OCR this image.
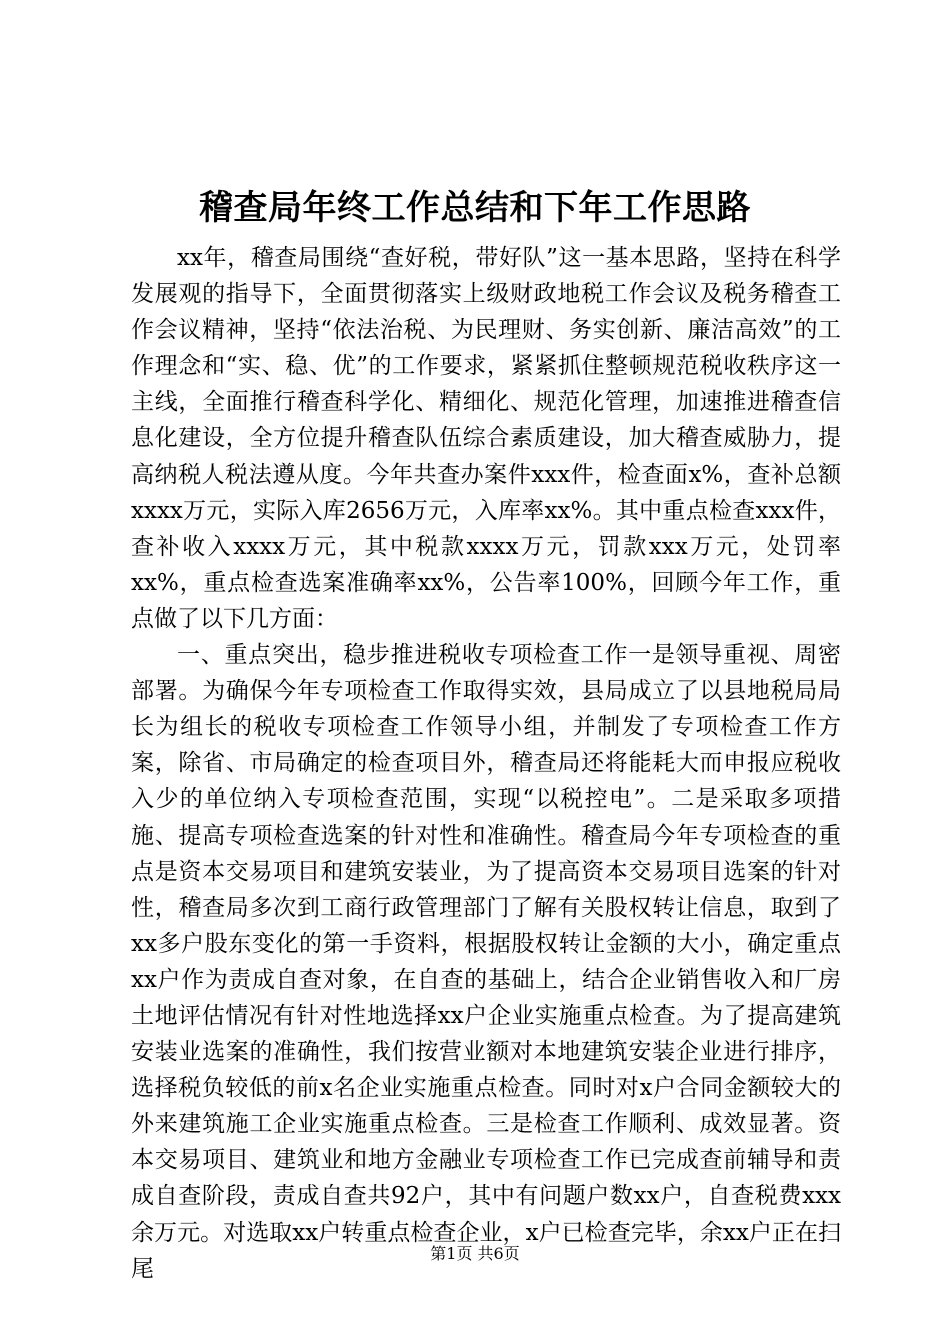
稽查局年终工作总结和下年工作思路

xx年，稽查局围绕“查好税，带好队”这一基本思路，坚持在科学发展观的指导下，全面贯彻落实上级财政地税工作会议及税务稽查工作会议精神，坚持“依法治税、为民理财、务实创新、廉洁高效”的工作理念和“实、稳、优”的工作要求，紧紧抓住整顿规范税收秩序这一主线，全面推行稽查科学化、精细化、规范化管理，加速推进稽查信息化建设，全方位提升稽查队伍综合素质建设，加大稽查威胁力，提高纳税人税法遵从度。今年共查办案件xxx件，检查面x%，查补总额xxxx万元，实际入库2656万元，入库率xx%。其中重点检查xxx件，查补收入xxxx万元，其中税款xxxx万元，罚款xxx万元，处罚率xx%，重点检查选案准确率xx%，公告率100%，回顾今年工作，重点做了以下几方面：

一、重点突出，稳步推进税收专项检查工作一是领导重视、周密部署。为确保今年专项检查工作取得实效，县局成立了以县地税局局长为组长的税收专项检查工作领导小组，并制发了专项检查工作方案，除省、市局确定的检查项目外，稽查局还将能耗大而申报应税收入少的单位纳入专项检查范围，实现“以税控电”。二是采取多项措施、提高专项检查选案的针对性和准确性。稽查局今年专项检查的重点是资本交易项目和建筑安装业，为了提高资本交易项目选案的针对性，稽查局多次到工商行政管理部门了解有关股权转让信息，取到了xx多户股东变化的第一手资料，根据股权转让金额的大小，确定重点xx户作为责成自查对象，在自查的基础上，结合企业销售收入和厂房土地评估情况有针对性地选择xx户企业实施重点检查。为了提高建筑安装业选案的准确性，我们按营业额对本地建筑安装企业进行排序，选择税负较低的前x名企业实施重点检查。同时对x户合同金额较大的外来建筑施工企业实施重点检查。三是检查工作顺利、成效显著。资本交易项目、建筑业和地方金融业专项检查工作已完成查前辅导和责成自查阶段，责成自查共92户，其中有问题户数xx户，自查税费xxx余万元。对选取xx户转重点检查企业，x户已检查完毕，余xx户正在扫尾

第1页 共6页
